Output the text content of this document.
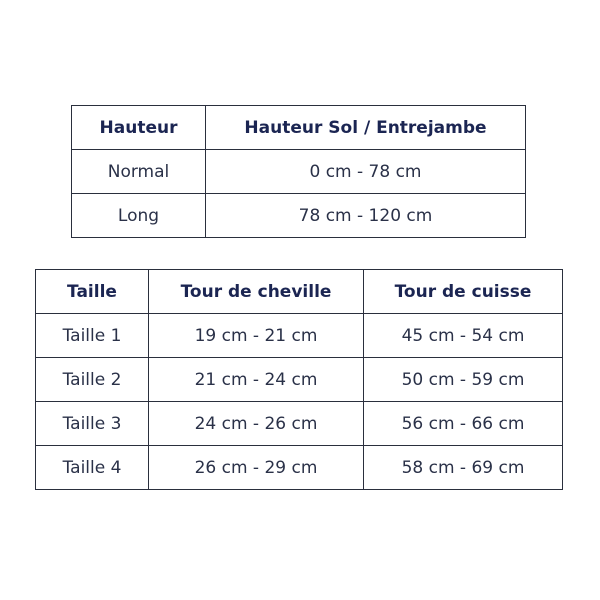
Hauteur	Hauteur Sol / Entrejambe
Normal	0 cm - 78 cm
Long	78 cm - 120 cm
Taille	Tour de cheville	Tour de cuisse
Taille 1	19 cm - 21 cm	45 cm - 54 cm
Taille 2	21 cm - 24 cm	50 cm - 59 cm
Taille 3	24 cm - 26 cm	56 cm - 66 cm
Taille 4	26 cm - 29 cm	58 cm - 69 cm
